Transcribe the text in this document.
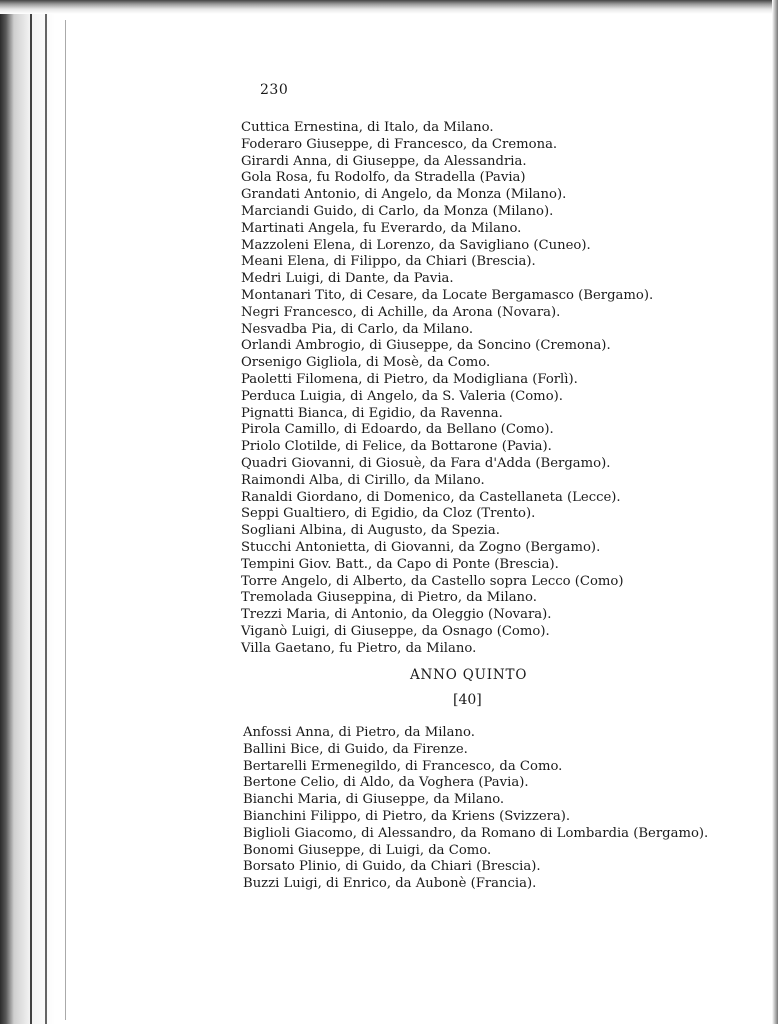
230
Cuttica Ernestina, di Italo, da Milano.
Foderaro Giuseppe, di Francesco, da Cremona.
Girardi Anna, di Giuseppe, da Alessandria.
Gola Rosa, fu Rodolfo, da Stradella (Pavia)
Grandati Antonio, di Angelo, da Monza (Milano).
Marciandi Guido, di Carlo, da Monza (Milano).
Martinati Angela, fu Everardo, da Milano.
Mazzoleni Elena, di Lorenzo, da Savigliano (Cuneo).
Meani Elena, di Filippo, da Chiari (Brescia).
Medri Luigi, di Dante, da Pavia.
Montanari Tito, di Cesare, da Locate Bergamasco (Bergamo).
Negri Francesco, di Achille, da Arona (Novara).
Nesvadba Pia, di Carlo, da Milano.
Orlandi Ambrogio, di Giuseppe, da Soncino (Cremona).
Orsenigo Gigliola, di Mosè, da Como.
Paoletti Filomena, di Pietro, da Modigliana (Forlì).
Perduca Luigia, di Angelo, da S. Valeria (Como).
Pignatti Bianca, di Egidio, da Ravenna.
Pirola Camillo, di Edoardo, da Bellano (Como).
Priolo Clotilde, di Felice, da Bottarone (Pavia).
Quadri Giovanni, di Giosuè, da Fara d'Adda (Bergamo).
Raimondi Alba, di Cirillo, da Milano.
Ranaldi Giordano, di Domenico, da Castellaneta (Lecce).
Seppi Gualtiero, di Egidio, da Cloz (Trento).
Sogliani Albina, di Augusto, da Spezia.
Stucchi Antonietta, di Giovanni, da Zogno (Bergamo).
Tempini Giov. Batt., da Capo di Ponte (Brescia).
Torre Angelo, di Alberto, da Castello sopra Lecco (Como)
Tremolada Giuseppina, di Pietro, da Milano.
Trezzi Maria, di Antonio, da Oleggio (Novara).
Viganò Luigi, di Giuseppe, da Osnago (Como).
Villa Gaetano, fu Pietro, da Milano.
ANNO QUINTO
[40]
Anfossi Anna, di Pietro, da Milano.
Ballini Bice, di Guido, da Firenze.
Bertarelli Ermenegildo, di Francesco, da Como.
Bertone Celio, di Aldo, da Voghera (Pavia).
Bianchi Maria, di Giuseppe, da Milano.
Bianchini Filippo, di Pietro, da Kriens (Svizzera).
Biglioli Giacomo, di Alessandro, da Romano di Lombardia (Bergamo).
Bonomi Giuseppe, di Luigi, da Como.
Borsato Plinio, di Guido, da Chiari (Brescia).
Buzzi Luigi, di Enrico, da Aubonè (Francia).
